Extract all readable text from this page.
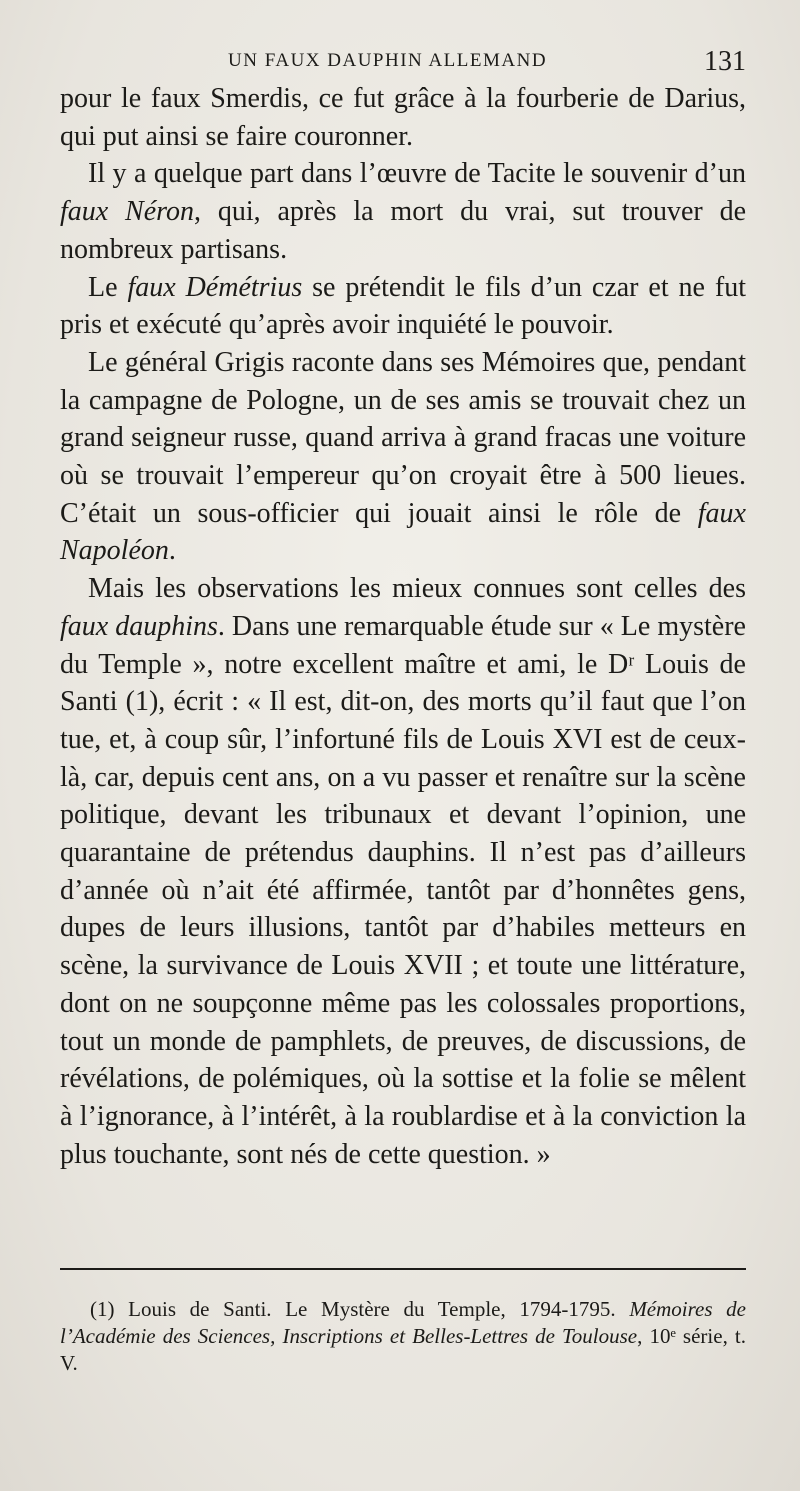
UN FAUX DAUPHIN ALLEMAND	131

pour le faux Smerdis, ce fut grâce à la fourberie de Darius, qui put ainsi se faire couronner.

Il y a quelque part dans l’œuvre de Tacite le souvenir d’un faux Néron, qui, après la mort du vrai, sut trouver de nombreux partisans.

Le faux Démétrius se prétendit le fils d’un czar et ne fut pris et exécuté qu’après avoir inquiété le pouvoir.

Le général Grigis raconte dans ses Mémoires que, pendant la campagne de Pologne, un de ses amis se trouvait chez un grand seigneur russe, quand arriva à grand fracas une voiture où se trouvait l’empereur qu’on croyait être à 500 lieues. C’était un sous-officier qui jouait ainsi le rôle de faux Napoléon.

Mais les observations les mieux connues sont celles des faux dauphins. Dans une remarquable étude sur « Le mystère du Temple », notre excellent maître et ami, le Dʳ Louis de Santi (1), écrit : « Il est, dit-on, des morts qu’il faut que l’on tue, et, à coup sûr, l’infortuné fils de Louis XVI est de ceux-là, car, depuis cent ans, on a vu passer et renaître sur la scène politique, devant les tribunaux et devant l’opinion, une quarantaine de prétendus dauphins. Il n’est pas d’ailleurs d’année où n’ait été affirmée, tantôt par d’honnêtes gens, dupes de leurs illusions, tantôt par d’habiles metteurs en scène, la survivance de Louis XVII ; et toute une littérature, dont on ne soupçonne même pas les colossales proportions, tout un monde de pamphlets, de preuves, de discussions, de révélations, de polémiques, où la sottise et la folie se mêlent à l’ignorance, à l’intérêt, à la roublardise et à la conviction la plus touchante, sont nés de cette question. »

(1) Louis de Santi. Le Mystère du Temple, 1794-1795. Mémoires de l’Académie des Sciences, Inscriptions et Belles-Lettres de Toulouse, 10ᵉ série, t. V.
